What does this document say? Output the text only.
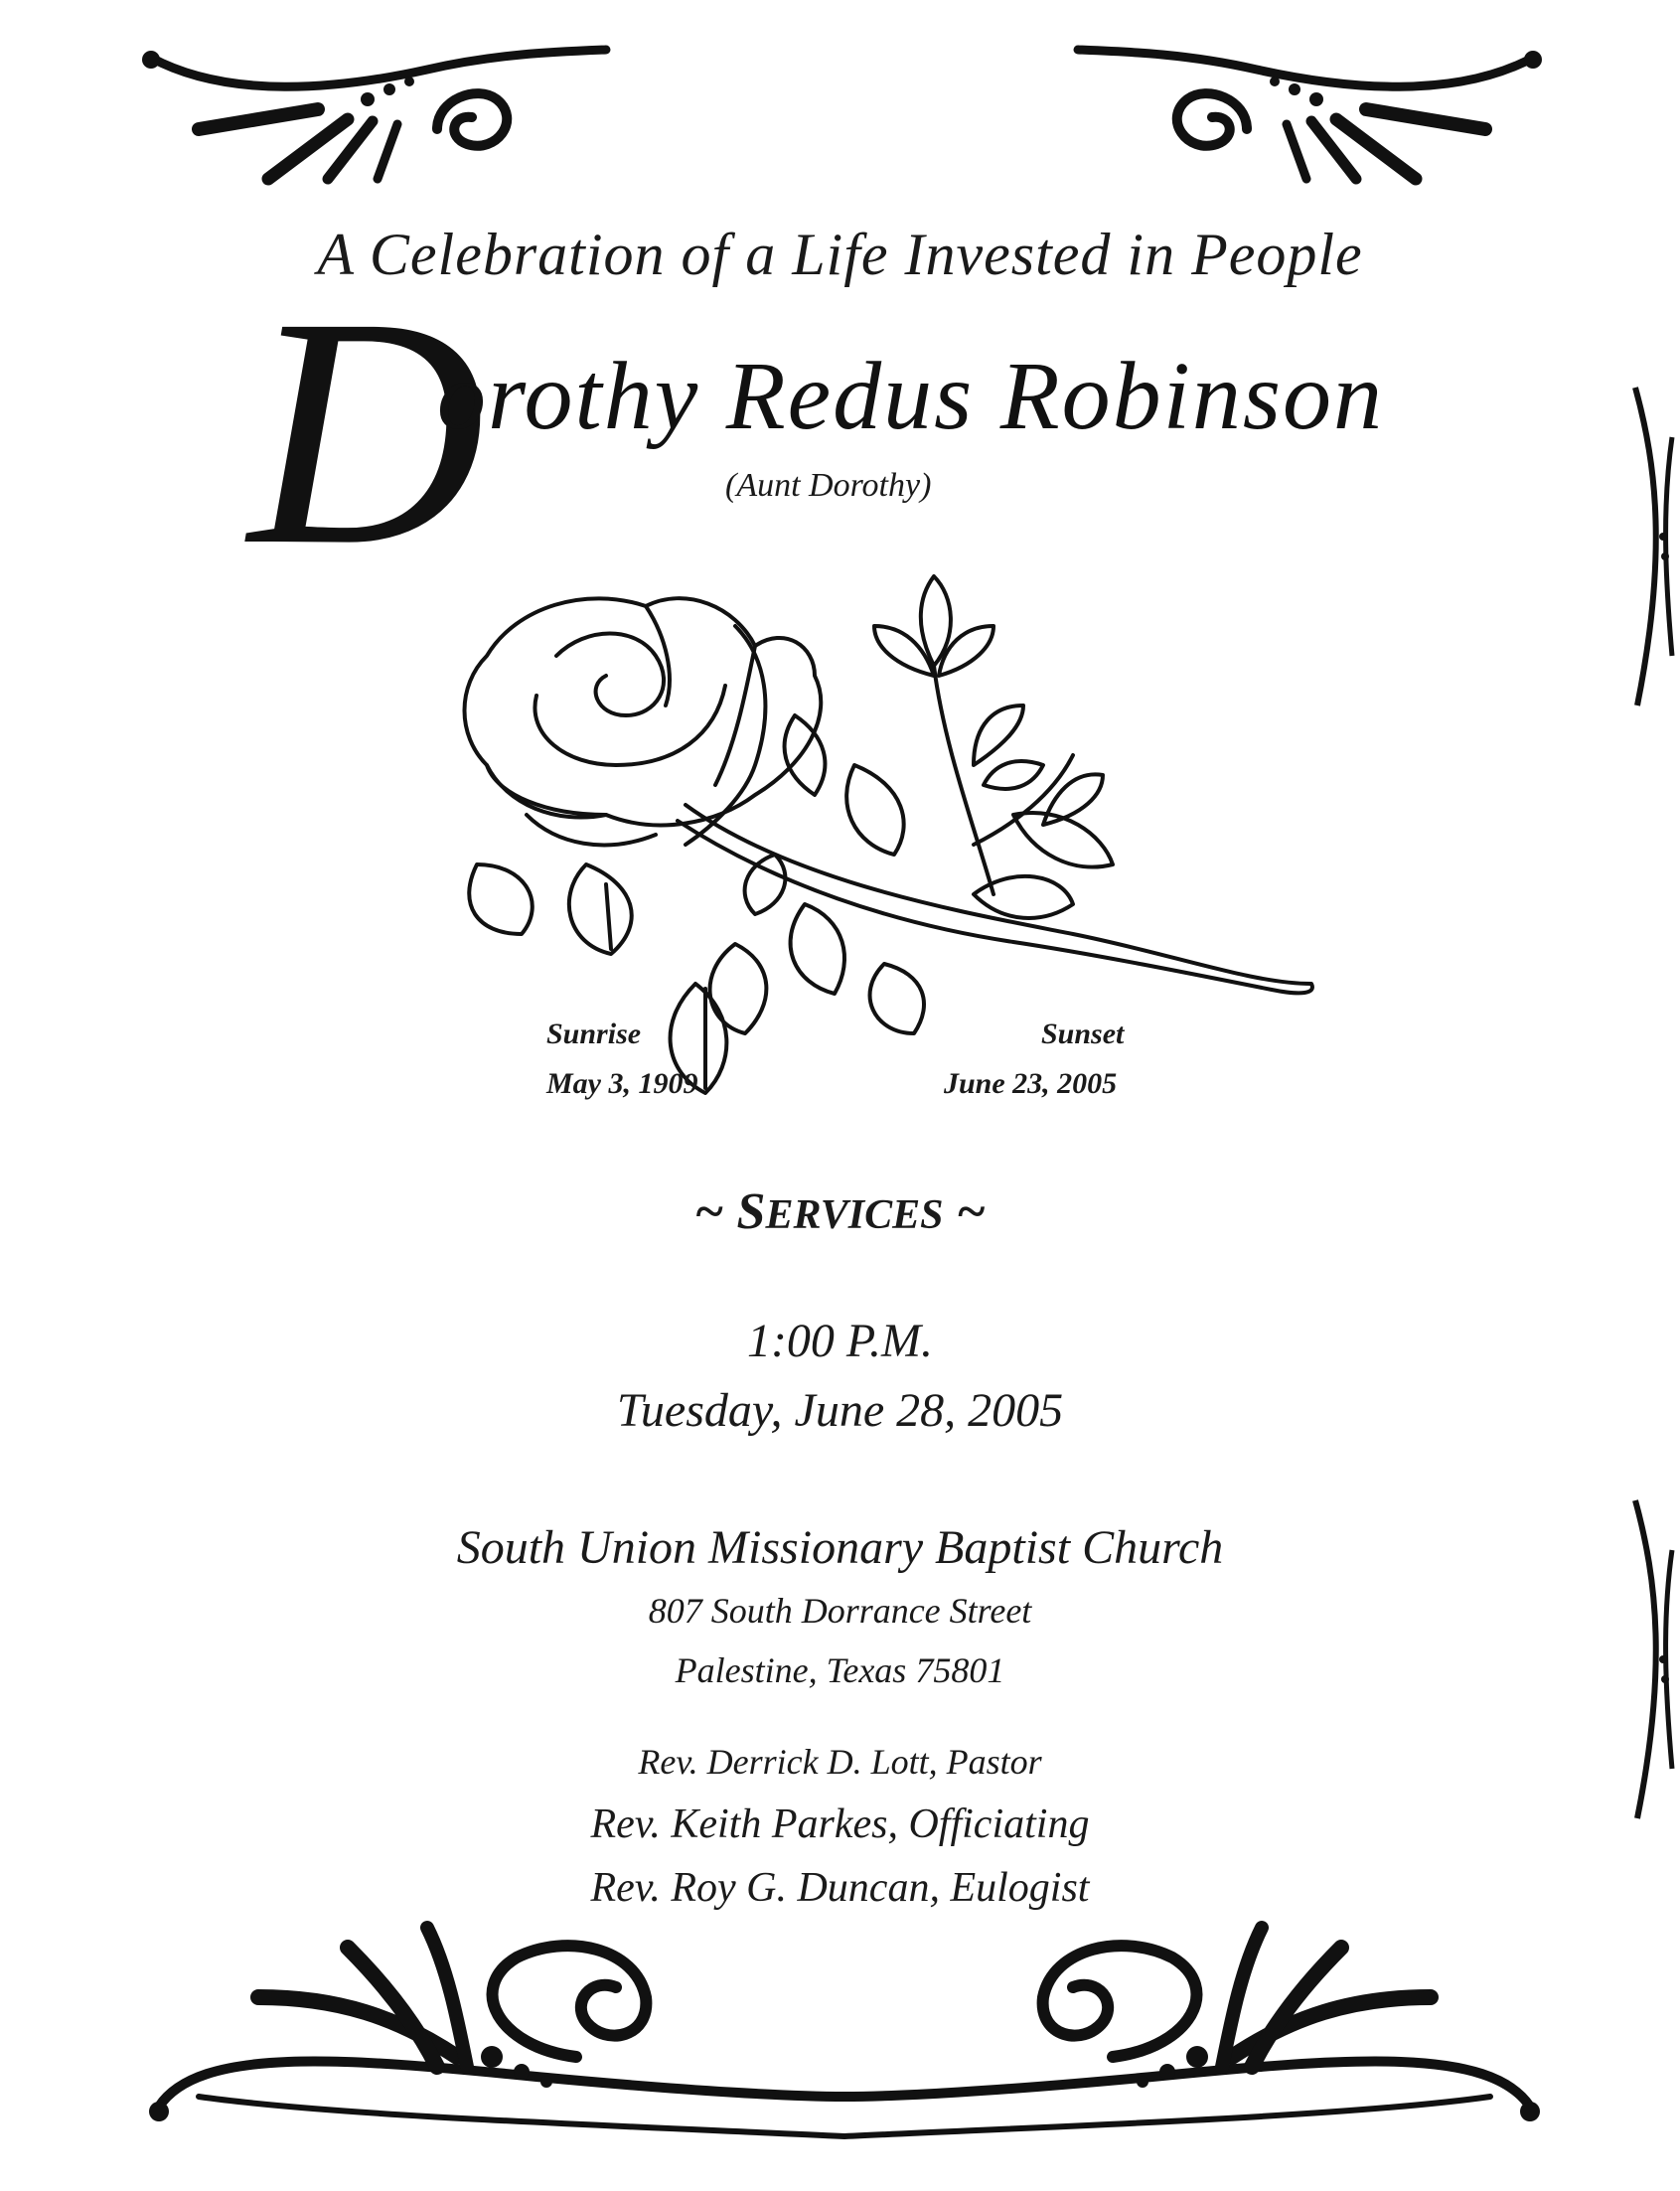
A Celebration of a Life Invested in People
D
orothy Redus Robinson
(Aunt Dorothy)
Sunrise
May 3, 1909
Sunset
June 23, 2005
~ SERVICES ~
1:00 P.M.
Tuesday, June 28, 2005
South Union Missionary Baptist Church
807 South Dorrance Street
Palestine, Texas 75801
Rev. Derrick D. Lott, Pastor
Rev. Keith Parkes, Officiating
Rev. Roy G. Duncan, Eulogist
